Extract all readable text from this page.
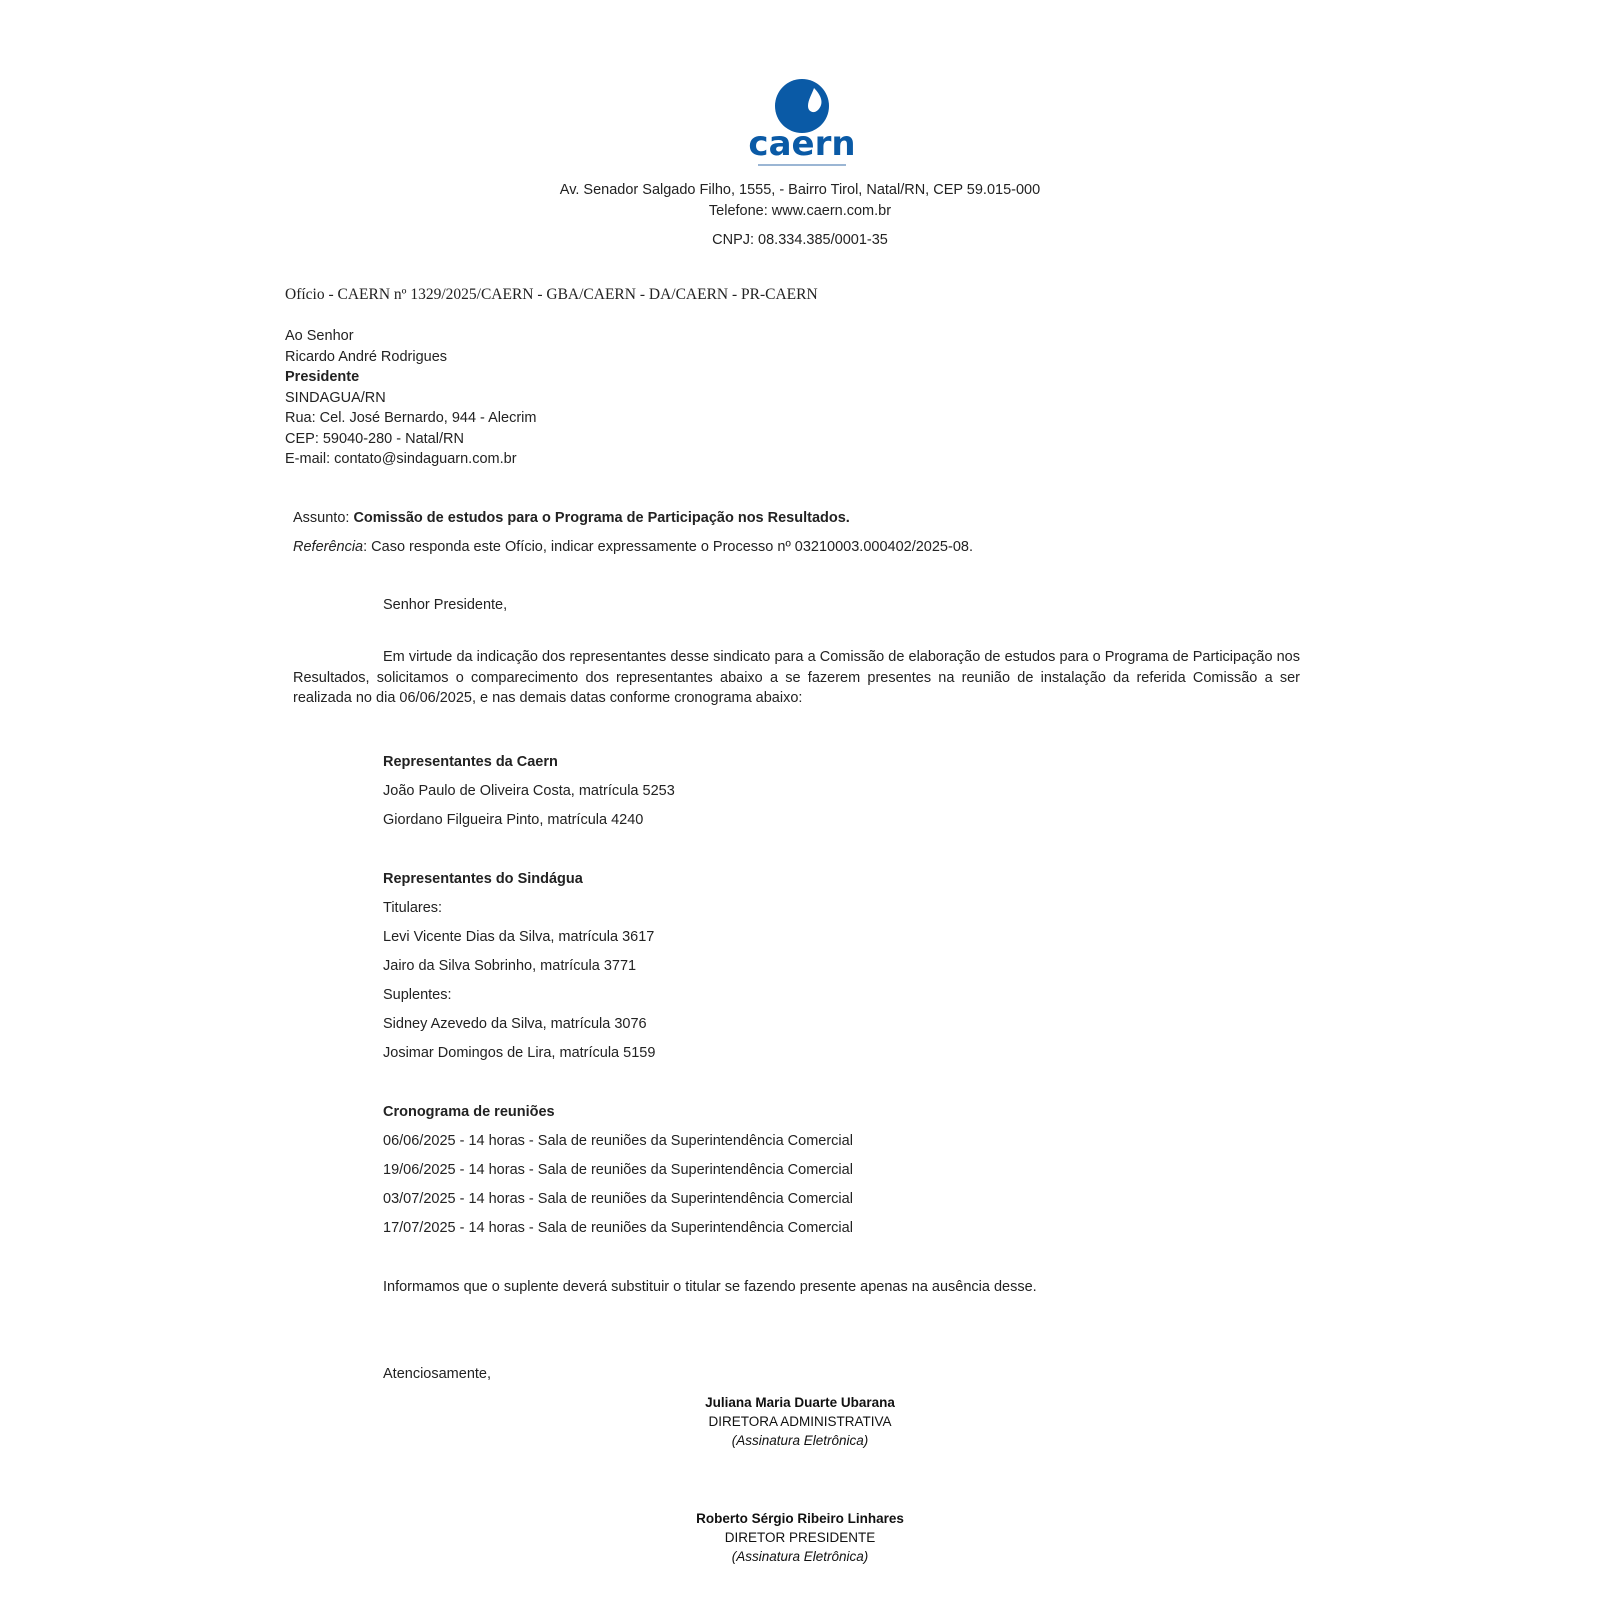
caern
Av. Senador Salgado Filho, 1555, - Bairro Tirol, Natal/RN, CEP 59.015-000
Telefone: www.caern.com.br
CNPJ: 08.334.385/0001-35
Ofício - CAERN nº 1329/2025/CAERN - GBA/CAERN - DA/CAERN - PR-CAERN
Ao Senhor
Ricardo André Rodrigues
Presidente
SINDAGUA/RN
Rua: Cel. José Bernardo, 944 - Alecrim
CEP: 59040-280 - Natal/RN
E-mail: contato@sindaguarn.com.br
Assunto: Comissão de estudos para o Programa de Participação nos Resultados.
Referência: Caso responda este Ofício, indicar expressamente o Processo nº 03210003.000402/2025-08.
Senhor Presidente,
Em virtude da indicação dos representantes desse sindicato para a Comissão de elaboração de estudos para o Programa de Participação nos Resultados, solicitamos o comparecimento dos representantes abaixo a se fazerem presentes na reunião de instalação da referida Comissão a ser realizada no dia 06/06/2025, e nas demais datas conforme cronograma abaixo:
Representantes da Caern
João Paulo de Oliveira Costa, matrícula 5253
Giordano Filgueira Pinto, matrícula 4240
Representantes do Sindágua
Titulares:
Levi Vicente Dias da Silva, matrícula 3617
Jairo da Silva Sobrinho, matrícula 3771
Suplentes:
Sidney Azevedo da Silva, matrícula 3076
Josimar Domingos de Lira, matrícula 5159
Cronograma de reuniões
06/06/2025 - 14 horas - Sala de reuniões da Superintendência Comercial
19/06/2025 - 14 horas - Sala de reuniões da Superintendência Comercial
03/07/2025 - 14 horas - Sala de reuniões da Superintendência Comercial
17/07/2025 - 14 horas - Sala de reuniões da Superintendência Comercial
Informamos que o suplente deverá substituir o titular se fazendo presente apenas na ausência desse.
Atenciosamente,
Juliana Maria Duarte Ubarana
DIRETORA ADMINISTRATIVA
(Assinatura Eletrônica)
Roberto Sérgio Ribeiro Linhares
DIRETOR PRESIDENTE
(Assinatura Eletrônica)
